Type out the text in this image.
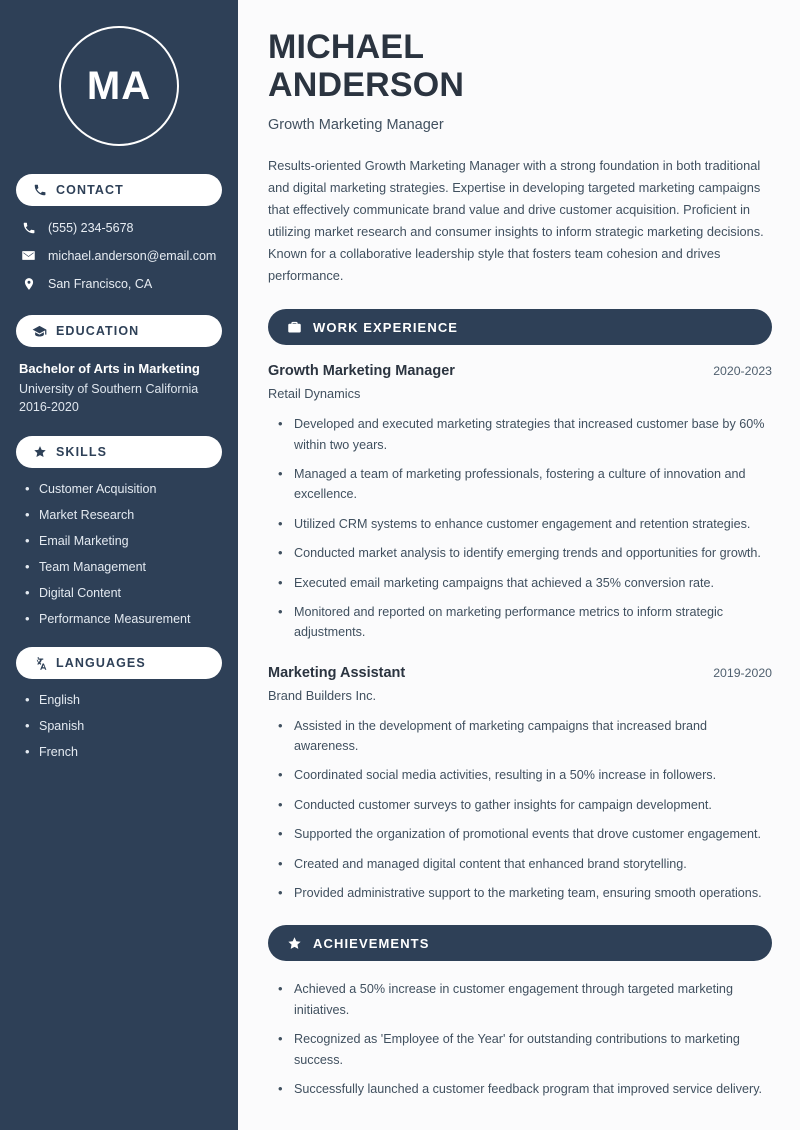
MA
CONTACT
(555) 234-5678
michael.anderson@email.com
San Francisco, CA
EDUCATION
Bachelor of Arts in Marketing
University of Southern California
2016-2020
SKILLS
• Customer Acquisition
• Market Research
• Email Marketing
• Team Management
• Digital Content
• Performance Measurement
LANGUAGES
• English
• Spanish
• French
MICHAEL
ANDERSON
Growth Marketing Manager

Results-oriented Growth Marketing Manager with a strong foundation in both traditional and digital marketing strategies. Expertise in developing targeted marketing campaigns that effectively communicate brand value and drive customer acquisition. Proficient in utilizing market research and consumer insights to inform strategic marketing decisions. Known for a collaborative leadership style that fosters team cohesion and drives performance.

WORK EXPERIENCE
Growth Marketing Manager	2020-2023
Retail Dynamics
• Developed and executed marketing strategies that increased customer base by 60% within two years.
• Managed a team of marketing professionals, fostering a culture of innovation and excellence.
• Utilized CRM systems to enhance customer engagement and retention strategies.
• Conducted market analysis to identify emerging trends and opportunities for growth.
• Executed email marketing campaigns that achieved a 35% conversion rate.
• Monitored and reported on marketing performance metrics to inform strategic adjustments.
Marketing Assistant	2019-2020
Brand Builders Inc.
• Assisted in the development of marketing campaigns that increased brand awareness.
• Coordinated social media activities, resulting in a 50% increase in followers.
• Conducted customer surveys to gather insights for campaign development.
• Supported the organization of promotional events that drove customer engagement.
• Created and managed digital content that enhanced brand storytelling.
• Provided administrative support to the marketing team, ensuring smooth operations.
ACHIEVEMENTS
• Achieved a 50% increase in customer engagement through targeted marketing initiatives.
• Recognized as 'Employee of the Year' for outstanding contributions to marketing success.
• Successfully launched a customer feedback program that improved service delivery.
